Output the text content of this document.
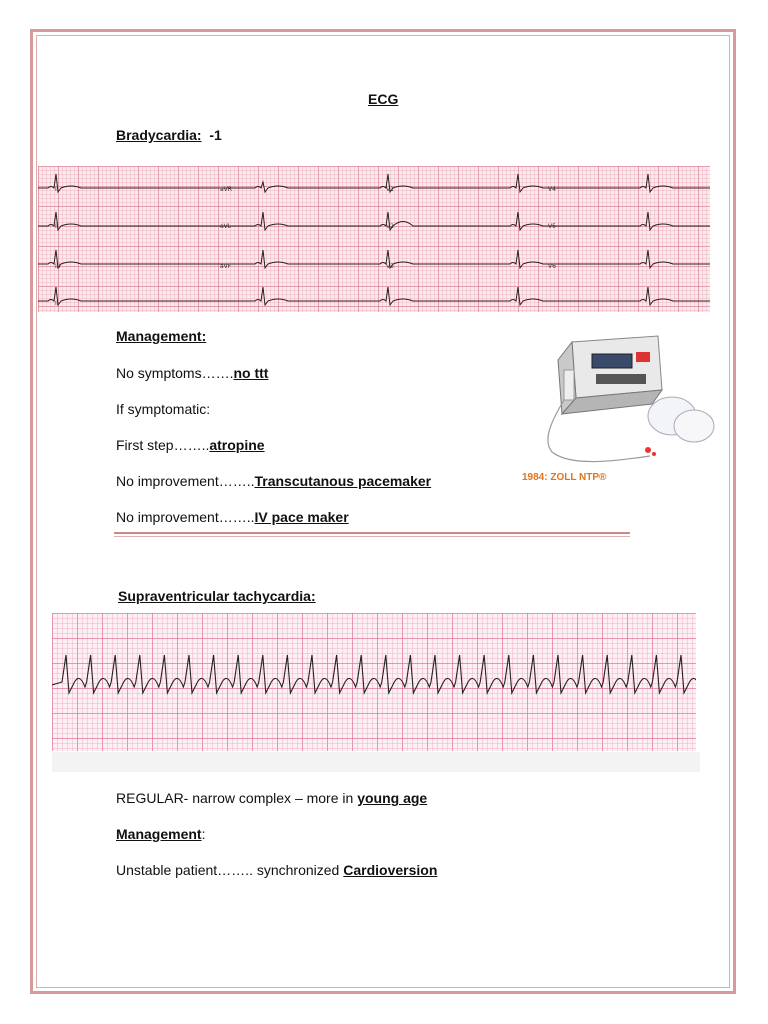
ECG
Bradycardia: -1
I	aVR	V1	V4
II	aVL	V2	V5
III	aVF	V3	V6
II
Management:
No symptoms…….no ttt
If symptomatic:
First step……..atropine
No improvement……..Transcutanous pacemaker
No improvement……..IV pace maker
1984: ZOLL NTP®
Supraventricular tachycardia:
REGULAR- narrow complex – more in young age
Management:
Unstable patient…….. synchronized Cardioversion
